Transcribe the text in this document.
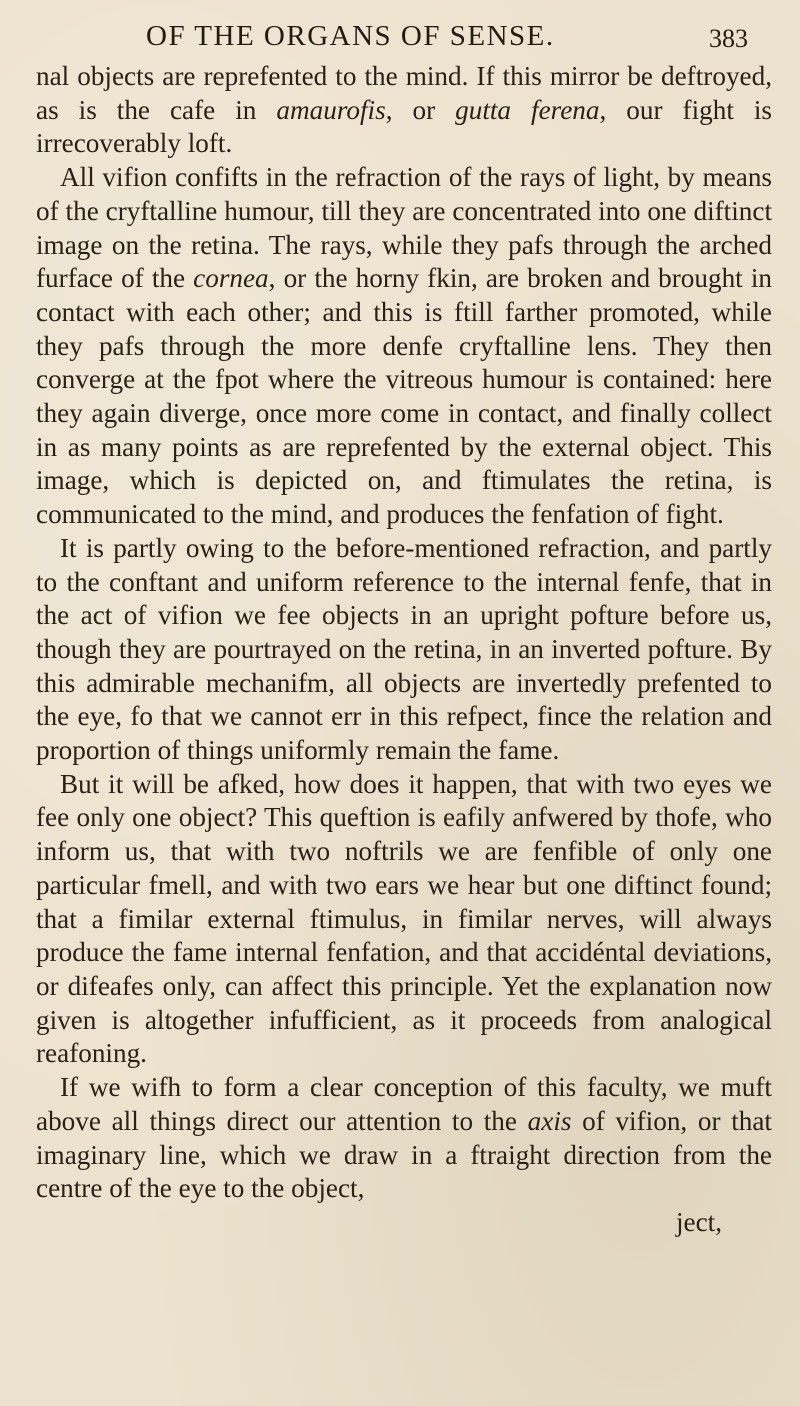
OF THE ORGANS OF SENSE.	383

nal objects are reprefented to the mind. If this mirror be deftroyed, as is the cafe in amaurofis, or gutta ferena, our fight is irrecoverably loft.

All vifion confifts in the refraction of the rays of light, by means of the cryftalline humour, till they are concentrated into one diftinct image on the retina. The rays, while they pafs through the arched furface of the cornea, or the horny fkin, are broken and brought in contact with each other; and this is ftill farther promoted, while they pafs through the more denfe cryftalline lens. They then converge at the fpot where the vitreous humour is contained: here they again diverge, once more come in contact, and finally collect in as many points as are reprefented by the external object. This image, which is depicted on, and ftimulates the retina, is communicated to the mind, and produces the fenfation of fight.

It is partly owing to the before-mentioned refraction, and partly to the conftant and uniform reference to the internal fenfe, that in the act of vifion we fee objects in an upright pofture before us, though they are pourtrayed on the retina, in an inverted pofture. By this admirable mechanifm, all objects are invertedly prefented to the eye, fo that we cannot err in this refpect, fince the relation and proportion of things uniformly remain the fame.

But it will be afked, how does it happen, that with two eyes we fee only one object? This queftion is eafily anfwered by thofe, who inform us, that with two noftrils we are fenfible of only one particular fmell, and with two ears we hear but one diftinct found; that a fimilar external ftimulus, in fimilar nerves, will always produce the fame internal fenfation, and that accidéntal deviations, or difeafes only, can affect this principle. Yet the explanation now given is altogether infufficient, as it proceeds from analogical reafoning.

If we wifh to form a clear conception of this faculty, we muft above all things direct our attention to the axis of vifion, or that imaginary line, which we draw in a ftraight direction from the centre of the eye to the object,

ject,
